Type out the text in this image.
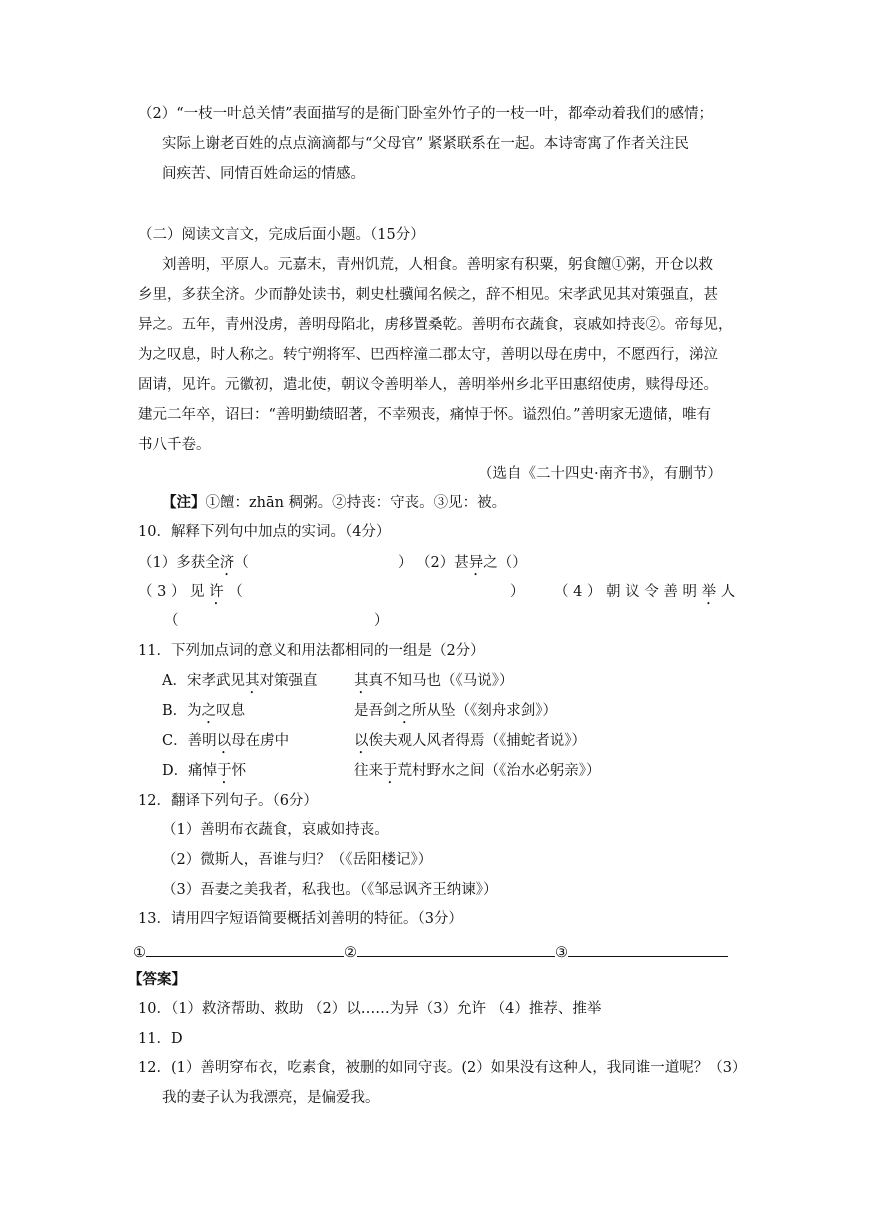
（2）“一枝一叶总关情”表面描写的是衙门卧室外竹子的一枝一叶，都牵动着我们的感情；
实际上谢老百姓的点点滴滴都与“父母官” 紧紧联系在一起。本诗寄寓了作者关注民
间疾苦、同情百姓命运的情感。
（二）阅读文言文，完成后面小题。（15分）
刘善明，平原人。元嘉末，青州饥荒，人相食。善明家有积粟，躬食饘①粥，开仓以救
乡里，多获全济。少而静处读书，刺史杜骥闻名候之，辞不相见。宋孝武见其对策强直，甚
异之。五年，青州没虏，善明母陷北，虏移置桑乾。善明布衣蔬食，哀戚如持丧②。帝每见，
为之叹息，时人称之。转宁朔将军、巴西梓潼二郡太守，善明以母在虏中，不愿西行，涕泣
固请，见许。元徽初，遣北使，朝议令善明举人，善明举州乡北平田惠绍使虏，赎得母还。
建元二年卒，诏曰：“善明勤绩昭著，不幸殒丧，痛悼于怀。谥烈伯。”善明家无遗储，唯有
书八千卷。
（选自《二十四史·南齐书》，有删节）
【注】①饘：zhān 稠粥。②持丧：守丧。③见：被。
10．解释下列句中加点的实词。（4分）
（1）多获全济（	） （2）甚异之（）
（ 3 ） 见 许 （	） （ 4 ） 朝 议 令 善 明 举 人
（	）
11．下列加点词的意义和用法都相同的一组是（2分）
A．宋孝武见其对策强直	其真不知马也（《马说》）
B．为之叹息	是吾剑之所从坠（《刻舟求剑》）
C．善明以母在虏中	以俟夫观人风者得焉（《捕蛇者说》）
D．痛悼于怀	往来于荒村野水之间（《治水必躬亲》）
12．翻译下列句子。（6分）
（1）善明布衣蔬食，哀戚如持丧。
（2）微斯人，吾谁与归？（《岳阳楼记》）
（3）吾妻之美我者，私我也。（《邹忌讽齐王纳谏》）
13．请用四字短语简要概括刘善明的特征。（3分）
①	②	③
【答案】
10．（1）救济帮助、救助 （2）以……为异（3）允许 （4）推荐、推举
11．D
12．(1）善明穿布衣，吃素食，被删的如同守丧。(2）如果没有这种人，我同谁一道呢？（3）
我的妻子认为我漂亮，是偏爱我。
